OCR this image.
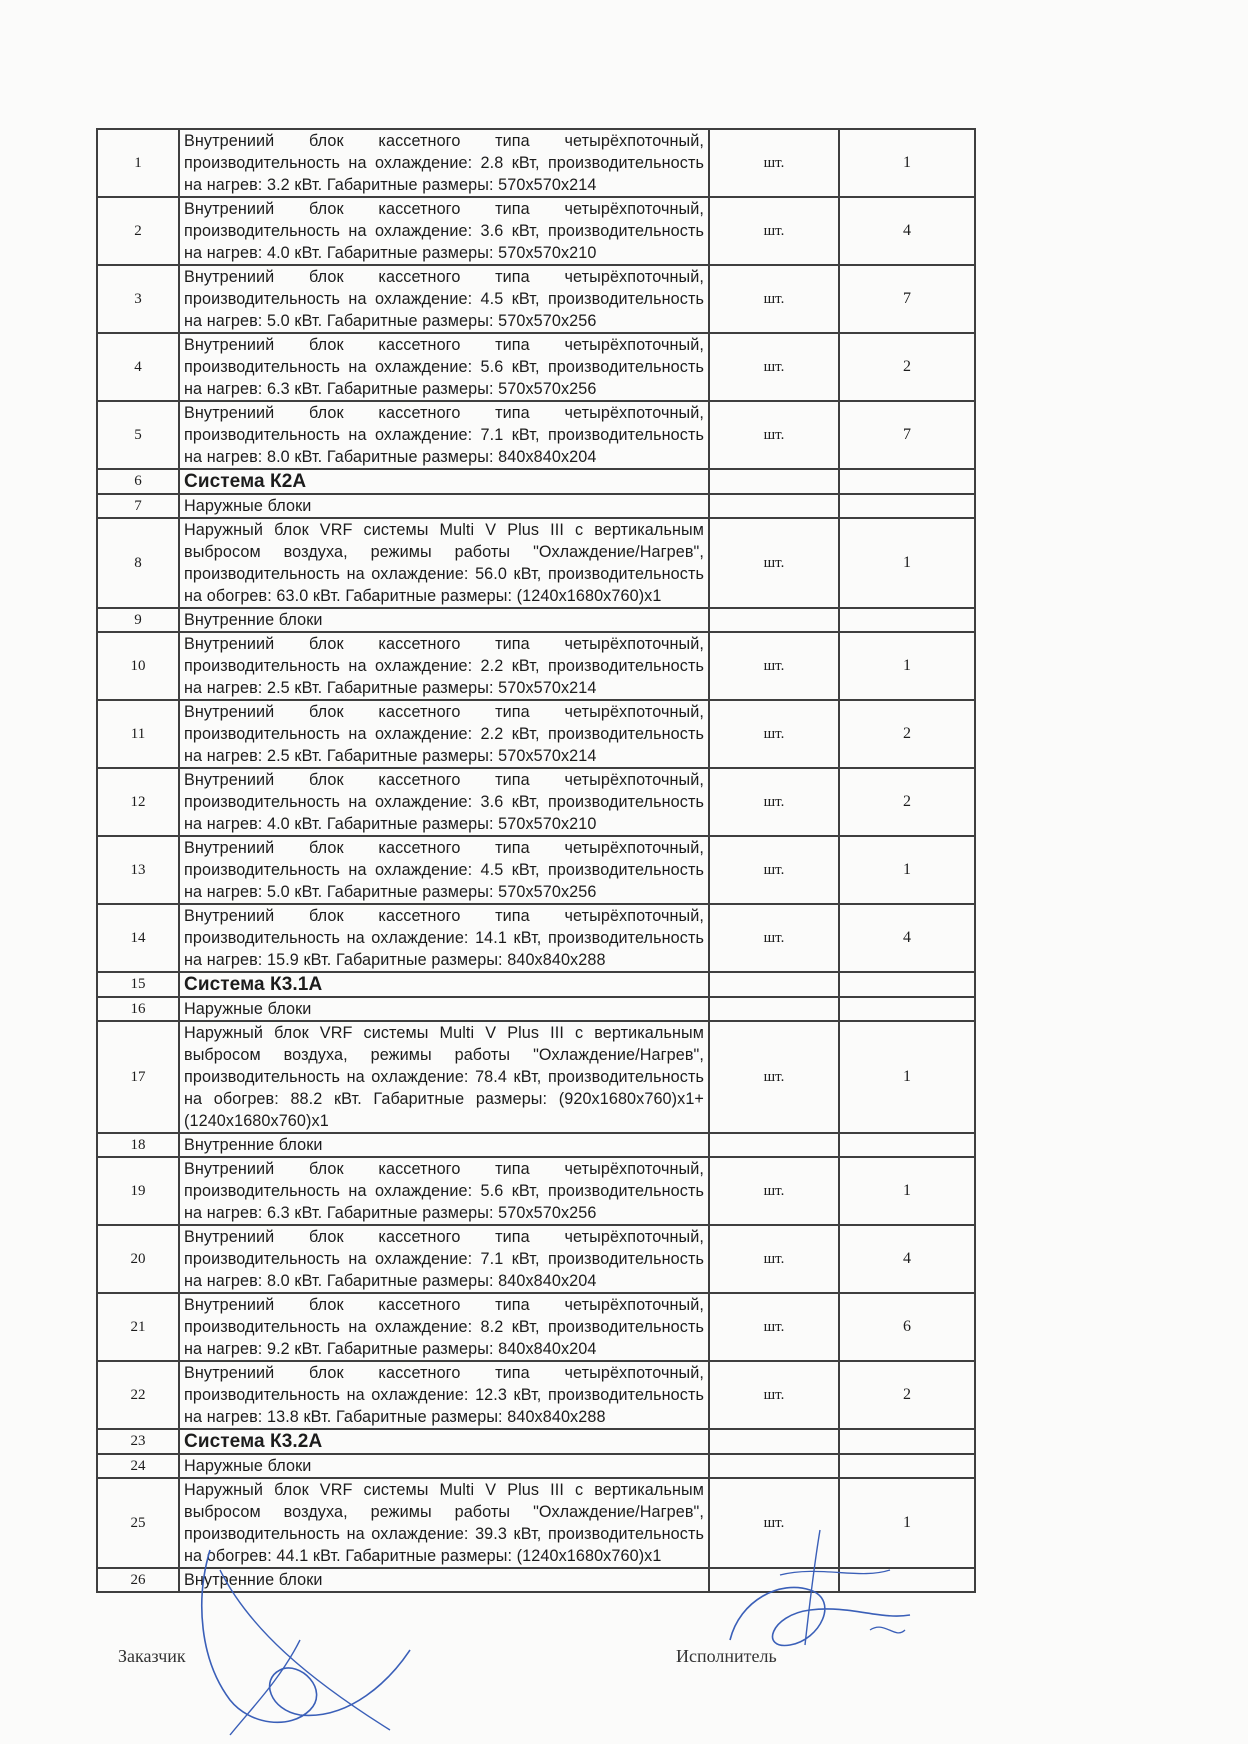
1	Внутрениий блок кассетного типа четырёхпоточный, производительность на охлаждение: 2.8 кВт, производительность на нагрев: 3.2 кВт. Габаритные размеры: 570x570x214	шт.	1
2	Внутрениий блок кассетного типа четырёхпоточный, производительность на охлаждение: 3.6 кВт, производительность на нагрев: 4.0 кВт. Габаритные размеры: 570x570x210	шт.	4
3	Внутрениий блок кассетного типа четырёхпоточный, производительность на охлаждение: 4.5 кВт, производительность на нагрев: 5.0 кВт. Габаритные размеры: 570x570x256	шт.	7
4	Внутрениий блок кассетного типа четырёхпоточный, производительность на охлаждение: 5.6 кВт, производительность на нагрев: 6.3 кВт. Габаритные размеры: 570x570x256	шт.	2
5	Внутрениий блок кассетного типа четырёхпоточный, производительность на охлаждение: 7.1 кВт, производительность на нагрев: 8.0 кВт. Габаритные размеры: 840x840x204	шт.	7
6	Система К2А		
7	Наружные блоки		
8	Наружный блок VRF системы Multi V Plus III с вертикальным выбросом воздуха, режимы работы "Охлаждение/Нагрев", производительность на охлаждение: 56.0 кВт, производительность на обогрев: 63.0 кВт. Габаритные размеры: (1240x1680x760)x1	шт.	1
9	Внутренние блоки		
10	Внутрениий блок кассетного типа четырёхпоточный, производительность на охлаждение: 2.2 кВт, производительность на нагрев: 2.5 кВт. Габаритные размеры: 570x570x214	шт.	1
11	Внутрениий блок кассетного типа четырёхпоточный, производительность на охлаждение: 2.2 кВт, производительность на нагрев: 2.5 кВт. Габаритные размеры: 570x570x214	шт.	2
12	Внутрениий блок кассетного типа четырёхпоточный, производительность на охлаждение: 3.6 кВт, производительность на нагрев: 4.0 кВт. Габаритные размеры: 570x570x210	шт.	2
13	Внутрениий блок кассетного типа четырёхпоточный, производительность на охлаждение: 4.5 кВт, производительность на нагрев: 5.0 кВт. Габаритные размеры: 570x570x256	шт.	1
14	Внутрениий блок кассетного типа четырёхпоточный, производительность на охлаждение: 14.1 кВт, производительность на нагрев: 15.9 кВт. Габаритные размеры: 840x840x288	шт.	4
15	Система К3.1А		
16	Наружные блоки		
17	Наружный блок VRF системы Multi V Plus III с вертикальным выбросом воздуха, режимы работы "Охлаждение/Нагрев", производительность на охлаждение: 78.4 кВт, производительность на обогрев: 88.2 кВт. Габаритные размеры: (920x1680x760)x1+(1240x1680x760)x1	шт.	1
18	Внутренние блоки		
19	Внутрениий блок кассетного типа четырёхпоточный, производительность на охлаждение: 5.6 кВт, производительность на нагрев: 6.3 кВт. Габаритные размеры: 570x570x256	шт.	1
20	Внутрениий блок кассетного типа четырёхпоточный, производительность на охлаждение: 7.1 кВт, производительность на нагрев: 8.0 кВт. Габаритные размеры: 840x840x204	шт.	4
21	Внутрениий блок кассетного типа четырёхпоточный, производительность на охлаждение: 8.2 кВт, производительность на нагрев: 9.2 кВт. Габаритные размеры: 840x840x204	шт.	6
22	Внутрениий блок кассетного типа четырёхпоточный, производительность на охлаждение: 12.3 кВт, производительность на нагрев: 13.8 кВт. Габаритные размеры: 840x840x288	шт.	2
23	Система К3.2А		
24	Наружные блоки		
25	Наружный блок VRF системы Multi V Plus III с вертикальным выбросом воздуха, режимы работы "Охлаждение/Нагрев", производительность на охлаждение: 39.3 кВт, производительность на обогрев: 44.1 кВт. Габаритные размеры: (1240x1680x760)x1	шт.	1
26	Внутренние блоки		
Заказчик	Исполнитель
